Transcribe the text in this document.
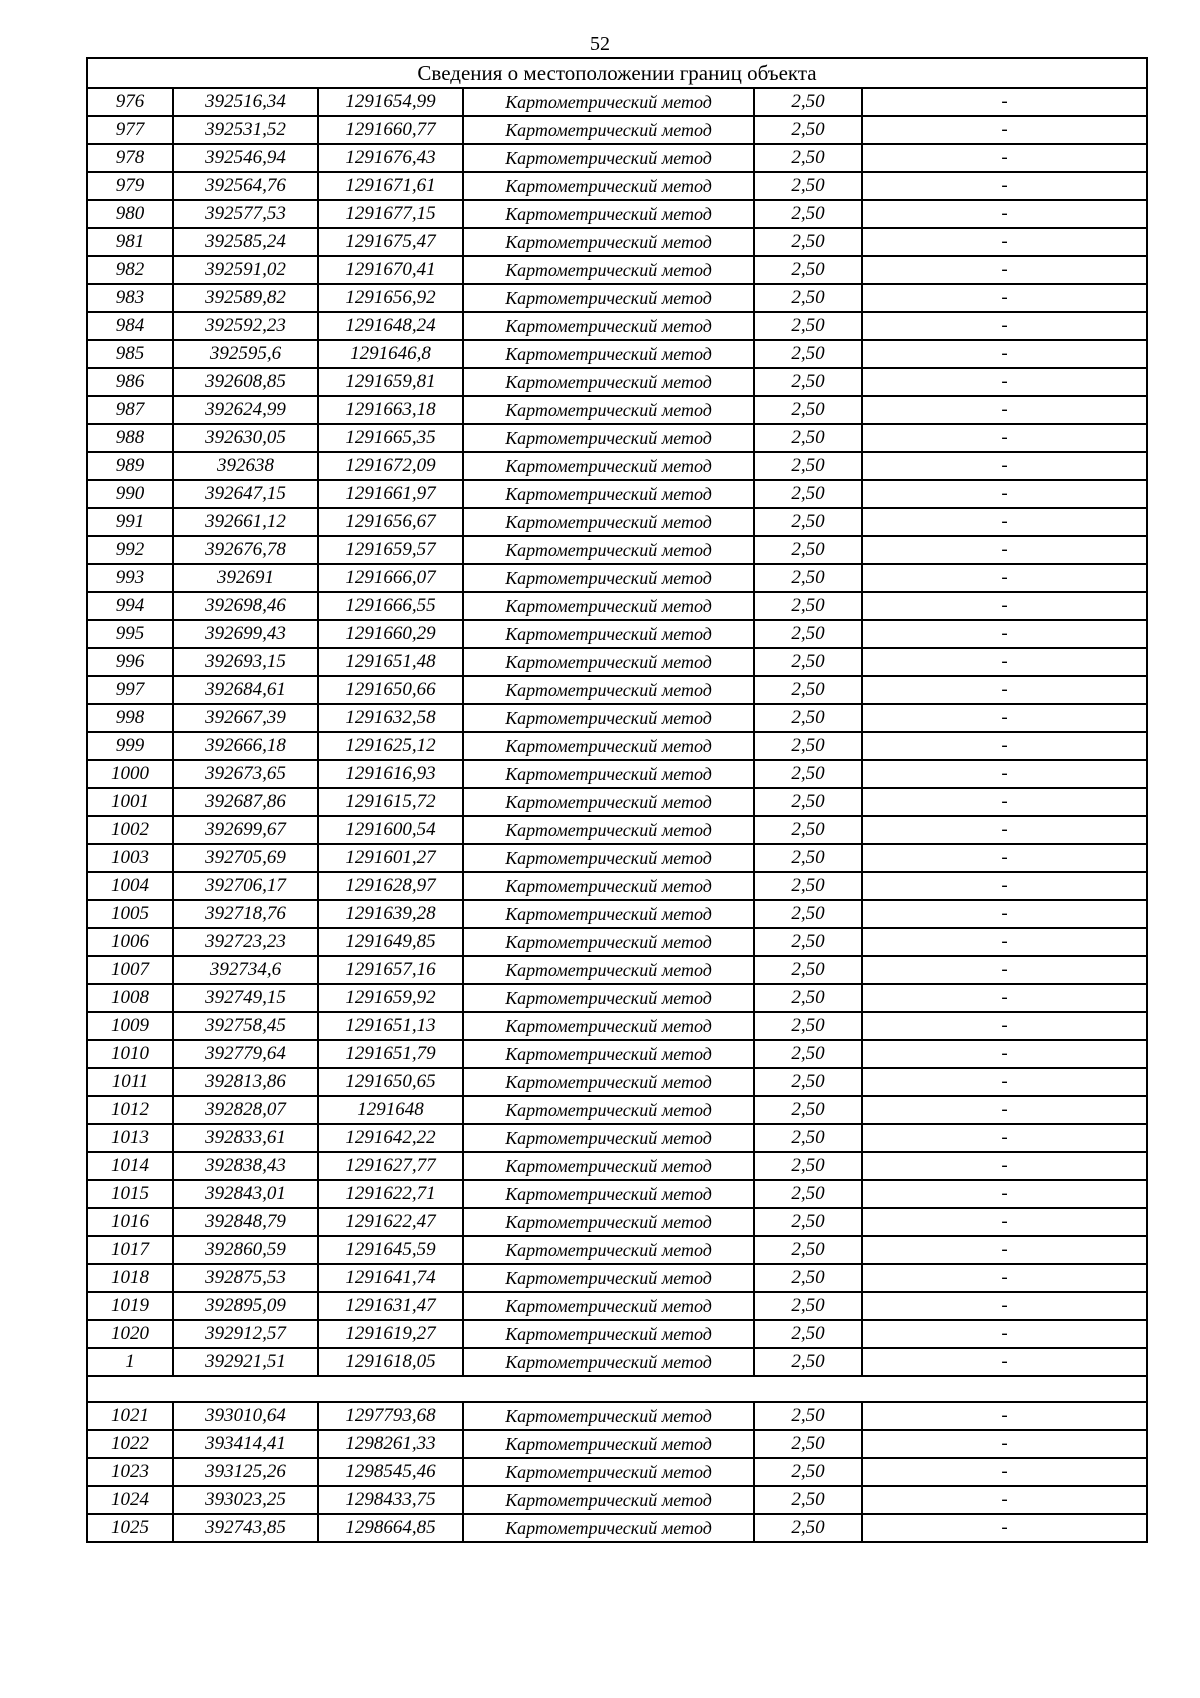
52
Сведения о местоположении границ объекта					
976	392516,34	1291654,99	Картометрический метод	2,50	-
977	392531,52	1291660,77	Картометрический метод	2,50	-
978	392546,94	1291676,43	Картометрический метод	2,50	-
979	392564,76	1291671,61	Картометрический метод	2,50	-
980	392577,53	1291677,15	Картометрический метод	2,50	-
981	392585,24	1291675,47	Картометрический метод	2,50	-
982	392591,02	1291670,41	Картометрический метод	2,50	-
983	392589,82	1291656,92	Картометрический метод	2,50	-
984	392592,23	1291648,24	Картометрический метод	2,50	-
985	392595,6	1291646,8	Картометрический метод	2,50	-
986	392608,85	1291659,81	Картометрический метод	2,50	-
987	392624,99	1291663,18	Картометрический метод	2,50	-
988	392630,05	1291665,35	Картометрический метод	2,50	-
989	392638	1291672,09	Картометрический метод	2,50	-
990	392647,15	1291661,97	Картометрический метод	2,50	-
991	392661,12	1291656,67	Картометрический метод	2,50	-
992	392676,78	1291659,57	Картометрический метод	2,50	-
993	392691	1291666,07	Картометрический метод	2,50	-
994	392698,46	1291666,55	Картометрический метод	2,50	-
995	392699,43	1291660,29	Картометрический метод	2,50	-
996	392693,15	1291651,48	Картометрический метод	2,50	-
997	392684,61	1291650,66	Картометрический метод	2,50	-
998	392667,39	1291632,58	Картометрический метод	2,50	-
999	392666,18	1291625,12	Картометрический метод	2,50	-
1000	392673,65	1291616,93	Картометрический метод	2,50	-
1001	392687,86	1291615,72	Картометрический метод	2,50	-
1002	392699,67	1291600,54	Картометрический метод	2,50	-
1003	392705,69	1291601,27	Картометрический метод	2,50	-
1004	392706,17	1291628,97	Картометрический метод	2,50	-
1005	392718,76	1291639,28	Картометрический метод	2,50	-
1006	392723,23	1291649,85	Картометрический метод	2,50	-
1007	392734,6	1291657,16	Картометрический метод	2,50	-
1008	392749,15	1291659,92	Картометрический метод	2,50	-
1009	392758,45	1291651,13	Картометрический метод	2,50	-
1010	392779,64	1291651,79	Картометрический метод	2,50	-
1011	392813,86	1291650,65	Картометрический метод	2,50	-
1012	392828,07	1291648	Картометрический метод	2,50	-
1013	392833,61	1291642,22	Картометрический метод	2,50	-
1014	392838,43	1291627,77	Картометрический метод	2,50	-
1015	392843,01	1291622,71	Картометрический метод	2,50	-
1016	392848,79	1291622,47	Картометрический метод	2,50	-
1017	392860,59	1291645,59	Картометрический метод	2,50	-
1018	392875,53	1291641,74	Картометрический метод	2,50	-
1019	392895,09	1291631,47	Картометрический метод	2,50	-
1020	392912,57	1291619,27	Картометрический метод	2,50	-
1	392921,51	1291618,05	Картометрический метод	2,50	-

1021	393010,64	1297793,68	Картометрический метод	2,50	-
1022	393414,41	1298261,33	Картометрический метод	2,50	-
1023	393125,26	1298545,46	Картометрический метод	2,50	-
1024	393023,25	1298433,75	Картометрический метод	2,50	-
1025	392743,85	1298664,85	Картометрический метод	2,50	-
